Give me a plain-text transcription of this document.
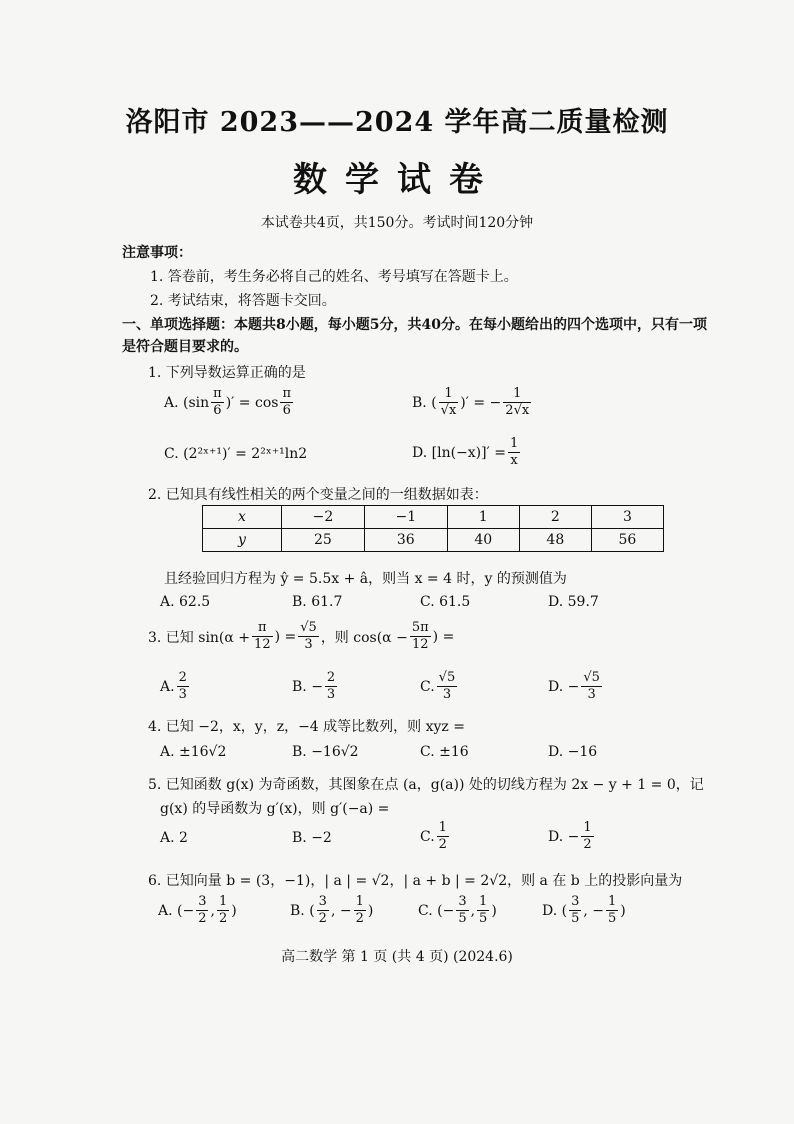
洛阳市 2023——2024 学年高二质量检测
数学试卷
本试卷共4页，共150分。考试时间120分钟
注意事项：
1. 答卷前，考生务必将自己的姓名、考号填写在答题卡上。
2. 考试结束，将答题卡交回。
一、单项选择题：本题共8小题，每小题5分，共40分。在每小题给出的四个选项中，只有一项
是符合题目要求的。
1. 下列导数运算正确的是
A. ($\sin \frac{\pi}{6}$ )′ = $\cos \frac{\pi}{6}$	B. ( $\frac{1}{√x}$ )′ = − $\frac{1}{2√x}$
C. (2²ˣ⁺¹)′ = 2²ˣ⁺¹ln2	D. $[\ln(-x)]' = \frac{1}{x}$
2. 已知具有线性相关的两个变量之间的一组数据如表：
x	−2	−1	1	2	3
y	25	36	40	48	56
且经验回归方程为 ŷ = 5.5x + â，则当 x = 4 时，y 的预测值为
A. 62.5	B. 61.7	C. 61.5	D. 59.7
3. 已知 $\sin(\alpha + \frac{\pi}{12}$ ) = $\frac{√5}{3}$ ，则 $\cos(\alpha - \frac{5\pi}{12}$ ) =
A. $\frac{2}{3}$	B. − $\frac{2}{3}$	C. $\frac{√5}{3}$	D. − $\frac{√5}{3}$
4. 已知 −2，x，y，z，−4 成等比数列，则 xyz =
A. ±16√2	B. −16√2	C. ±16	D. −16
5. 已知函数 g(x) 为奇函数，其图象在点 (a，g(a)) 处的切线方程为 2x − y + 1 = 0，记
g(x) 的导函数为 g′(x)，则 g′(−a) =
A. 2	B. −2	C. $\frac{1}{2}$	D. − $\frac{1}{2}$
6. 已知向量 b = (3，−1)，| a | = √2，| a + b | = 2√2，则 a 在 b 上的投影向量为
A. (− $\frac{3}{2}$ , $\frac{1}{2}$ )	B. ( $\frac{3}{2}$ , − $\frac{1}{2}$ )	C. (− $\frac{3}{5}$ , $\frac{1}{5}$ )	D. ( $\frac{3}{5}$ , − $\frac{1}{5}$ )
高二数学 第 1 页 (共 4 页) (2024.6)
